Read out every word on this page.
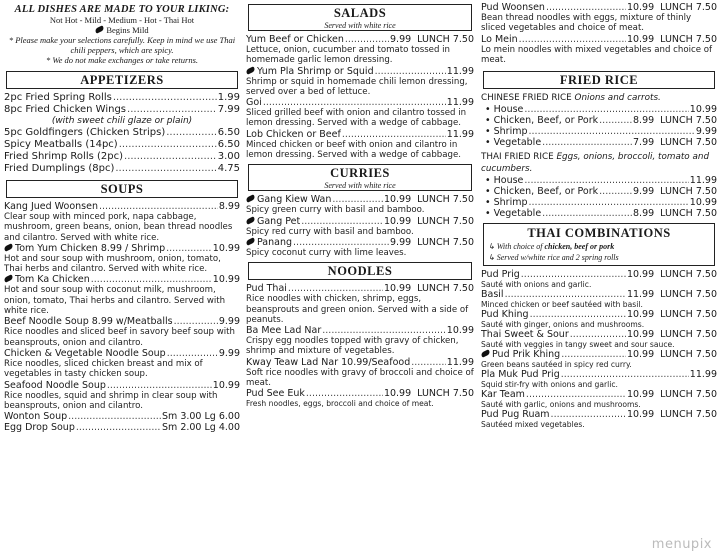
ALL DISHES ARE MADE TO YOUR LIKING:
Not Hot - Mild - Medium - Hot - Thai Hot
Begins Mild
* Please make your selections carefully. Keep in mind we use Thai chili peppers, which are spicy.
* We do not make exchanges or take returns.
APPETIZERS
2pc Fried Spring Rolls .....	1.99
8pc Fried Chicken Wings .....	7.99
(with sweet chili glaze or plain)
5pc Goldfingers (Chicken Strips) .....	6.50
Spicy Meatballs (14pc) .....	6.50
Fried Shrimp Rolls (2pc) .....	3.00
Fried Dumplings (8pc) .....	4.75
SOUPS
Kang Jued Woonsen .....	8.99
Clear soup with minced pork, napa cabbage, mushroom, green beans, onion, bean thread noodles and cilantro. Served with white rice.
Tom Yum Chicken 8.99 / Shrimp .....	10.99
Hot and sour soup with mushroom, onion, tomato, Thai herbs and cilantro. Served with white rice.
Tom Ka Chicken .....	10.99
Hot and sour soup with coconut milk, mushroom, onion, tomato, Thai herbs and cilantro. Served with white rice.
Beef Noodle Soup 8.99 w/Meatballs .....	9.99
Rice noodles and sliced beef in savory beef soup with beansprouts, onion and cilantro.
Chicken & Vegetable Noodle Soup .....	9.99
Rice noodles, sliced chicken breast and mix of vegetables in tasty chicken soup.
Seafood Noodle Soup .....	10.99
Rice noodles, squid and shrimp in clear soup with beansprouts, onion and cilantro.
Wonton Soup .....	Sm 3.00 Lg 6.00
Egg Drop Soup .....	Sm 2.00 Lg 4.00
SALADS
Served with white rice
Yum Beef or Chicken .....	9.99 LUNCH 7.50
Lettuce, onion, cucumber and tomato tossed in homemade garlic lemon dressing.
Yum Pla Shrimp or Squid .....	11.99
Shrimp or squid in homemade chili lemon dressing, served over a bed of lettuce.
Goi .....	11.99
Sliced grilled beef with onion and cilantro tossed in lemon dressing. Served with a wedge of cabbage.
Lob Chicken or Beef .....	11.99
Minced chicken or beef with onion and cilantro in lemon dressing. Served with a wedge of cabbage.
CURRIES
Served with white rice
Gang Kiew Wan .....	10.99 LUNCH 7.50
Spicy green curry with basil and bamboo.
Gang Pet .....	10.99 LUNCH 7.50
Spicy red curry with basil and bamboo.
Panang .....	9.99 LUNCH 7.50
Spicy coconut curry with lime leaves.
NOODLES
Pud Thai .....	10.99 LUNCH 7.50
Rice noodles with chicken, shrimp, eggs, beansprouts and green onion. Served with a side of peanuts.
Ba Mee Lad Nar .....	10.99
Crispy egg noodles topped with gravy of chicken, shrimp and mixture of vegetables.
Kway Teaw Lad Nar 10.99/Seafood .....	11.99
Soft rice noodles with gravy of broccoli and choice of meat.
Pud See Euk .....	10.99 LUNCH 7.50
Fresh noodles, eggs, broccoli and choice of meat.
Pud Woonsen .....	10.99 LUNCH 7.50
Bean thread noodles with eggs, mixture of thinly sliced vegetables and choice of meat.
Lo Mein .....	10.99 LUNCH 7.50
Lo mein noodles with mixed vegetables and choice of meat.
FRIED RICE
CHINESE FRIED RICE Onions and carrots.
• House .....	10.99
• Chicken, Beef, or Pork .....	8.99 LUNCH 7.50
• Shrimp .....	9.99
• Vegetable .....	7.99 LUNCH 7.50
THAI FRIED RICE Eggs, onions, broccoli, tomato and cucumbers.
• House .....	11.99
• Chicken, Beef, or Pork .....	9.99 LUNCH 7.50
• Shrimp .....	10.99
• Vegetable .....	8.99 LUNCH 7.50
THAI COMBINATIONS
↳ With choice of chicken, beef or pork
↳ Served w/white rice and 2 spring rolls
Pud Prig .....	10.99 LUNCH 7.50
Sauté with onions and garlic.
Basil .....	11.99 LUNCH 7.50
Minced chicken or beef sautéed with basil.
Pud Khing .....	10.99 LUNCH 7.50
Sauté with ginger, onions and mushrooms.
Thai Sweet & Sour .....	10.99 LUNCH 7.50
Sauté with veggies in tangy sweet and sour sauce.
Pud Prik Khing .....	10.99 LUNCH 7.50
Green beans sautéed in spicy red curry.
Pla Muk Pud Prig .....	11.99
Squid stir-fry with onions and garlic.
Kar Team .....	10.99 LUNCH 7.50
Sauté with garlic, onions and mushrooms.
Pud Pug Ruam .....	10.99 LUNCH 7.50
Sautéed mixed vegetables.
menupix
